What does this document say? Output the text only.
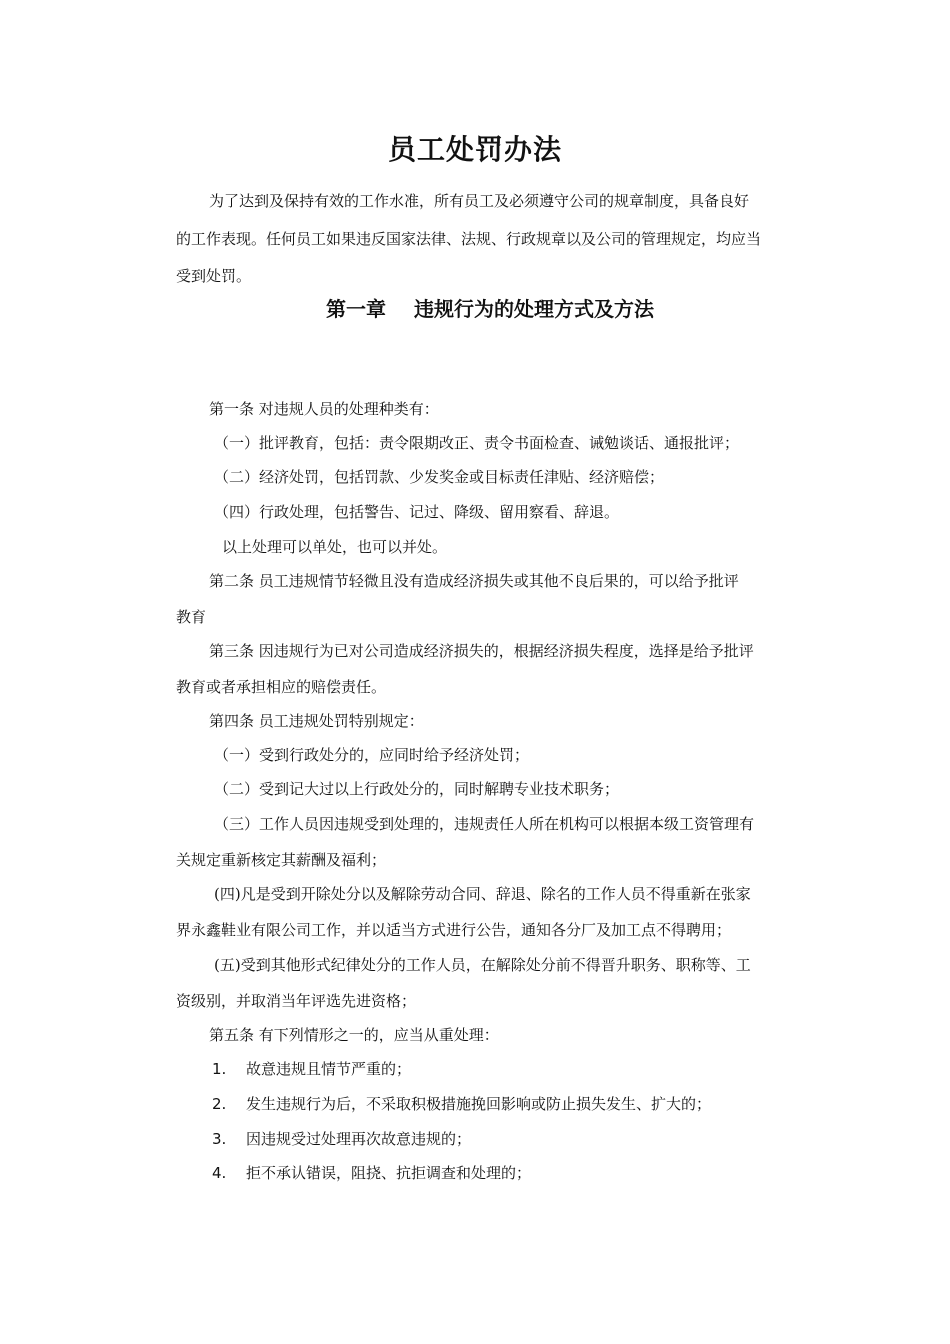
员工处罚办法
为了达到及保持有效的工作水准，所有员工及必须遵守公司的规章制度，具备良好
的工作表现。任何员工如果违反国家法律、法规、行政规章以及公司的管理规定，均应当
受到处罚。
第一章 违规行为的处理方式及方法
第一条 对违规人员的处理种类有：
（一）批评教育，包括：责令限期改正、责令书面检查、诫勉谈话、通报批评；
（二）经济处罚，包括罚款、少发奖金或目标责任津贴、经济赔偿；
（四）行政处理，包括警告、记过、降级、留用察看、辞退。
以上处理可以单处，也可以并处。
第二条 员工违规情节轻微且没有造成经济损失或其他不良后果的，可以给予批评
教育
第三条 因违规行为已对公司造成经济损失的，根据经济损失程度，选择是给予批评
教育或者承担相应的赔偿责任。
第四条 员工违规处罚特别规定：
（一）受到行政处分的，应同时给予经济处罚；
（二）受到记大过以上行政处分的，同时解聘专业技术职务；
（三）工作人员因违规受到处理的，违规责任人所在机构可以根据本级工资管理有
关规定重新核定其薪酬及福利；
(四)凡是受到开除处分以及解除劳动合同、辞退、除名的工作人员不得重新在张家
界永鑫鞋业有限公司工作，并以适当方式进行公告，通知各分厂及加工点不得聘用；
(五)受到其他形式纪律处分的工作人员，在解除处分前不得晋升职务、职称等、工
资级别，并取消当年评选先进资格；
第五条 有下列情形之一的，应当从重处理：
1. 故意违规且情节严重的；
2. 发生违规行为后，不采取积极措施挽回影响或防止损失发生、扩大的；
3. 因违规受过处理再次故意违规的；
4. 拒不承认错误，阻挠、抗拒调查和处理的；
